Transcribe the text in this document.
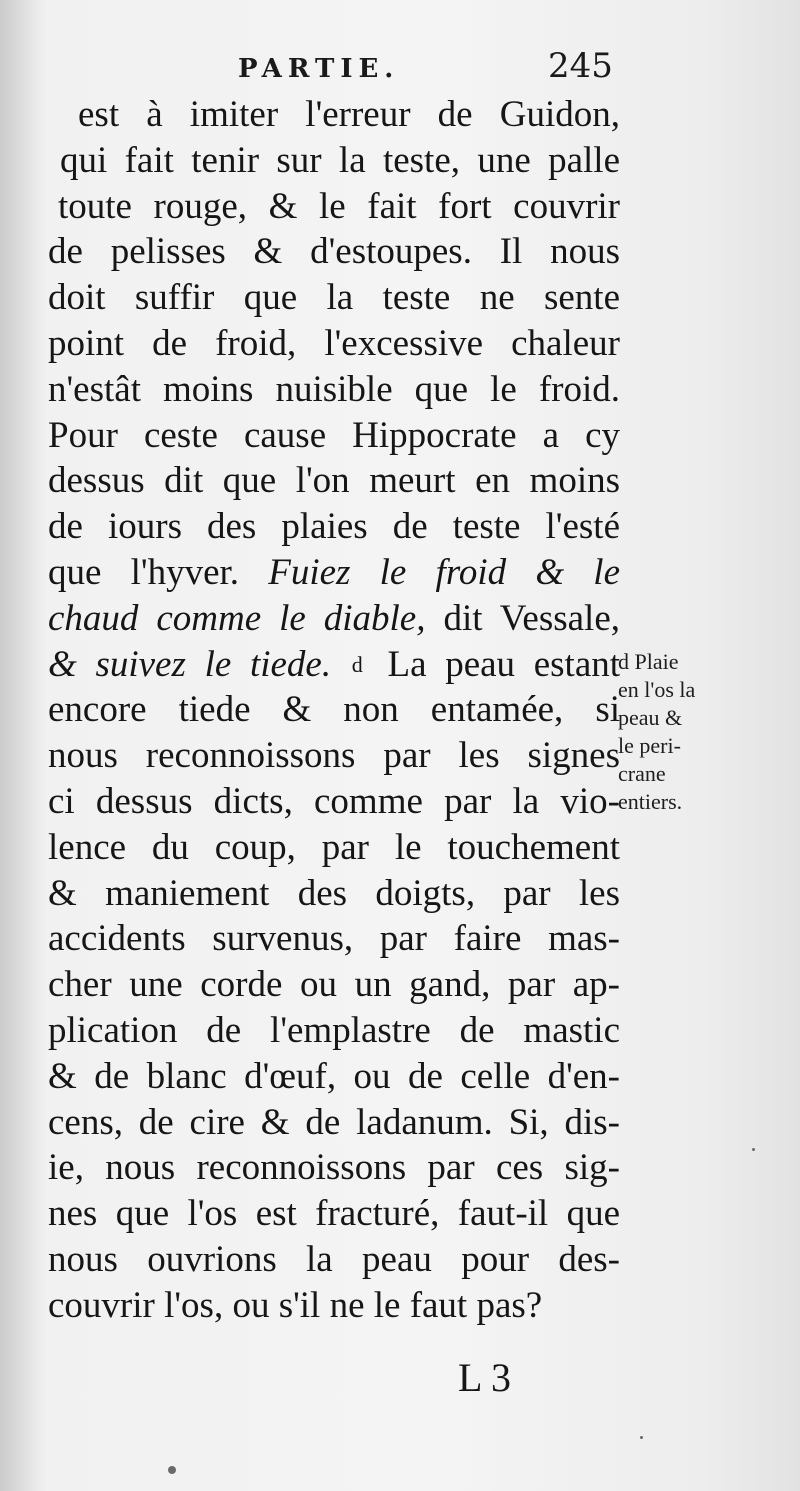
PARTIE.	245
est à imiter l'erreur de Guidon,
qui fait tenir sur la teste, une palle
toute rouge, & le fait fort couvrir
de pelisses & d'estoupes. Il nous
doit suffir que la teste ne sente
point de froid, l'excessive chaleur
n'estât moins nuisible que le froid.
Pour ceste cause Hippocrate a cy
dessus dit que l'on meurt en moins
de iours des plaies de teste l'esté
que l'hyver. Fuiez le froid & le
chaud comme le diable, dit Vessale,
& suivez le tiede. d La peau estant
encore tiede & non entamée, si
nous reconnoissons par les signes
ci dessus dicts, comme par la vio-
lence du coup, par le touchement
& maniement des doigts, par les
accidents survenus, par faire mas-
cher une corde ou un gand, par ap-
plication de l'emplastre de mastic
& de blanc d'œuf, ou de celle d'en-
cens, de cire & de ladanum. Si, dis-
ie, nous reconnoissons par ces sig-
nes que l'os est fracturé, faut-il que
nous ouvrions la peau pour des-
couvrir l'os, ou s'il ne le faut pas?
d Plaie
en l'os la
peau &
le peri-
crane
entiers.
L 3
